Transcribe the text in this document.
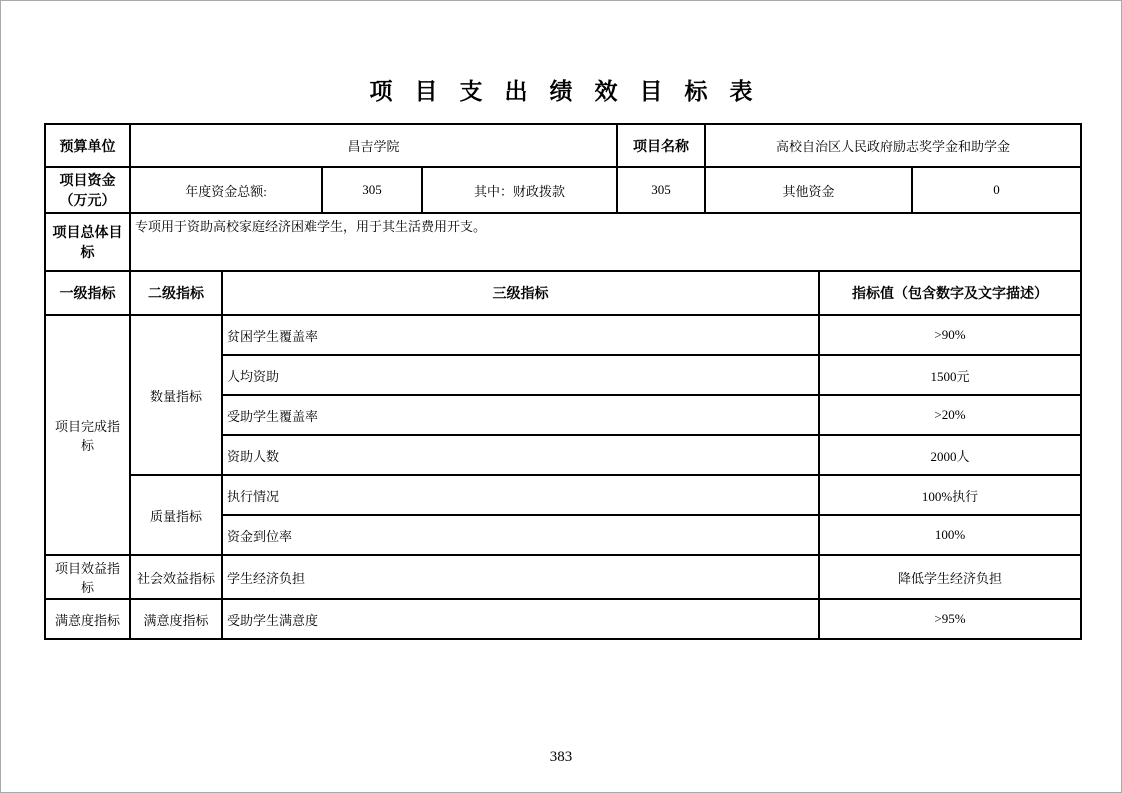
项目支出绩效目标表
预算单位	昌吉学院			项目名称	高校自治区人民政府励志奖学金和助学金	
项目资金（万元）	年度资金总额:	305	其中：财政拨款	305	其他资金	0
项目总体目标	专项用于资助高校家庭经济困难学生，用于其生活费用开支。					
一级指标	二级指标	三级指标	指标值（包含数字及文字描述）
项目完成指标	数量指标	贫困学生覆盖率	>90%
		人均资助	1500元
		受助学生覆盖率	>20%
		资助人数	2000人
	质量指标	执行情况	100%执行
		资金到位率	100%
项目效益指标	社会效益指标	学生经济负担	降低学生经济负担
满意度指标	满意度指标	受助学生满意度	>95%
383
